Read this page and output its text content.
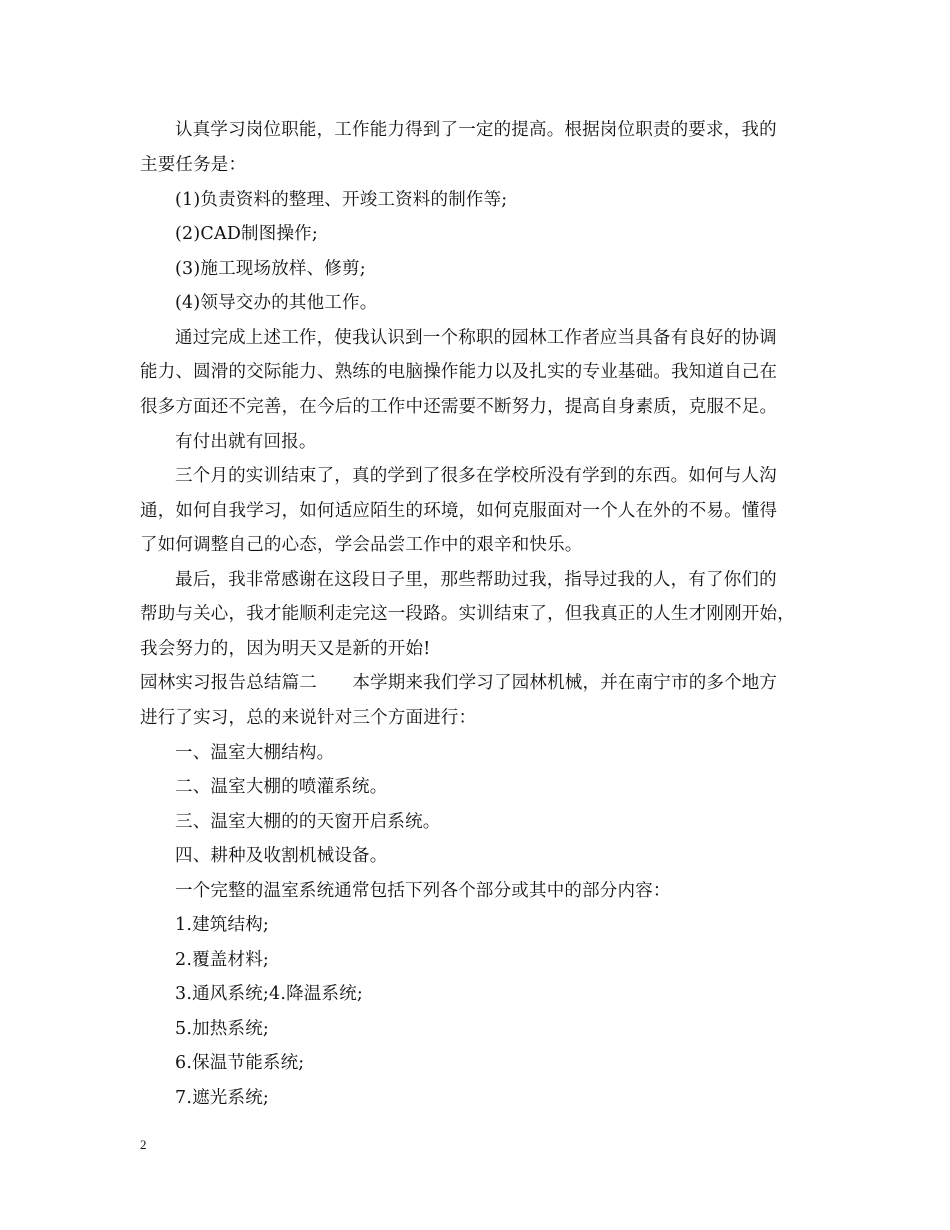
认真学习岗位职能，工作能力得到了一定的提高。根据岗位职责的要求，我的
主要任务是：
(1)负责资料的整理、开竣工资料的制作等;
(2)CAD制图操作;
(3)施工现场放样、修剪;
(4)领导交办的其他工作。
通过完成上述工作，使我认识到一个称职的园林工作者应当具备有良好的协调
能力、圆滑的交际能力、熟练的电脑操作能力以及扎实的专业基础。我知道自己在
很多方面还不完善，在今后的工作中还需要不断努力，提高自身素质，克服不足。
有付出就有回报。
三个月的实训结束了，真的学到了很多在学校所没有学到的东西。如何与人沟
通，如何自我学习，如何适应陌生的环境，如何克服面对一个人在外的不易。懂得
了如何调整自己的心态，学会品尝工作中的艰辛和快乐。
最后，我非常感谢在这段日子里，那些帮助过我，指导过我的人，有了你们的
帮助与关心，我才能顺利走完这一段路。实训结束了，但我真正的人生才刚刚开始，
我会努力的，因为明天又是新的开始!
园林实习报告总结篇二　　本学期来我们学习了园林机械，并在南宁市的多个地方
进行了实习，总的来说针对三个方面进行：
一、温室大棚结构。
二、温室大棚的喷灌系统。
三、温室大棚的的天窗开启系统。
四、耕种及收割机械设备。
一个完整的温室系统通常包括下列各个部分或其中的部分内容：
1.建筑结构;
2.覆盖材料;
3.通风系统;4.降温系统;
5.加热系统;
6.保温节能系统;
7.遮光系统;
2
